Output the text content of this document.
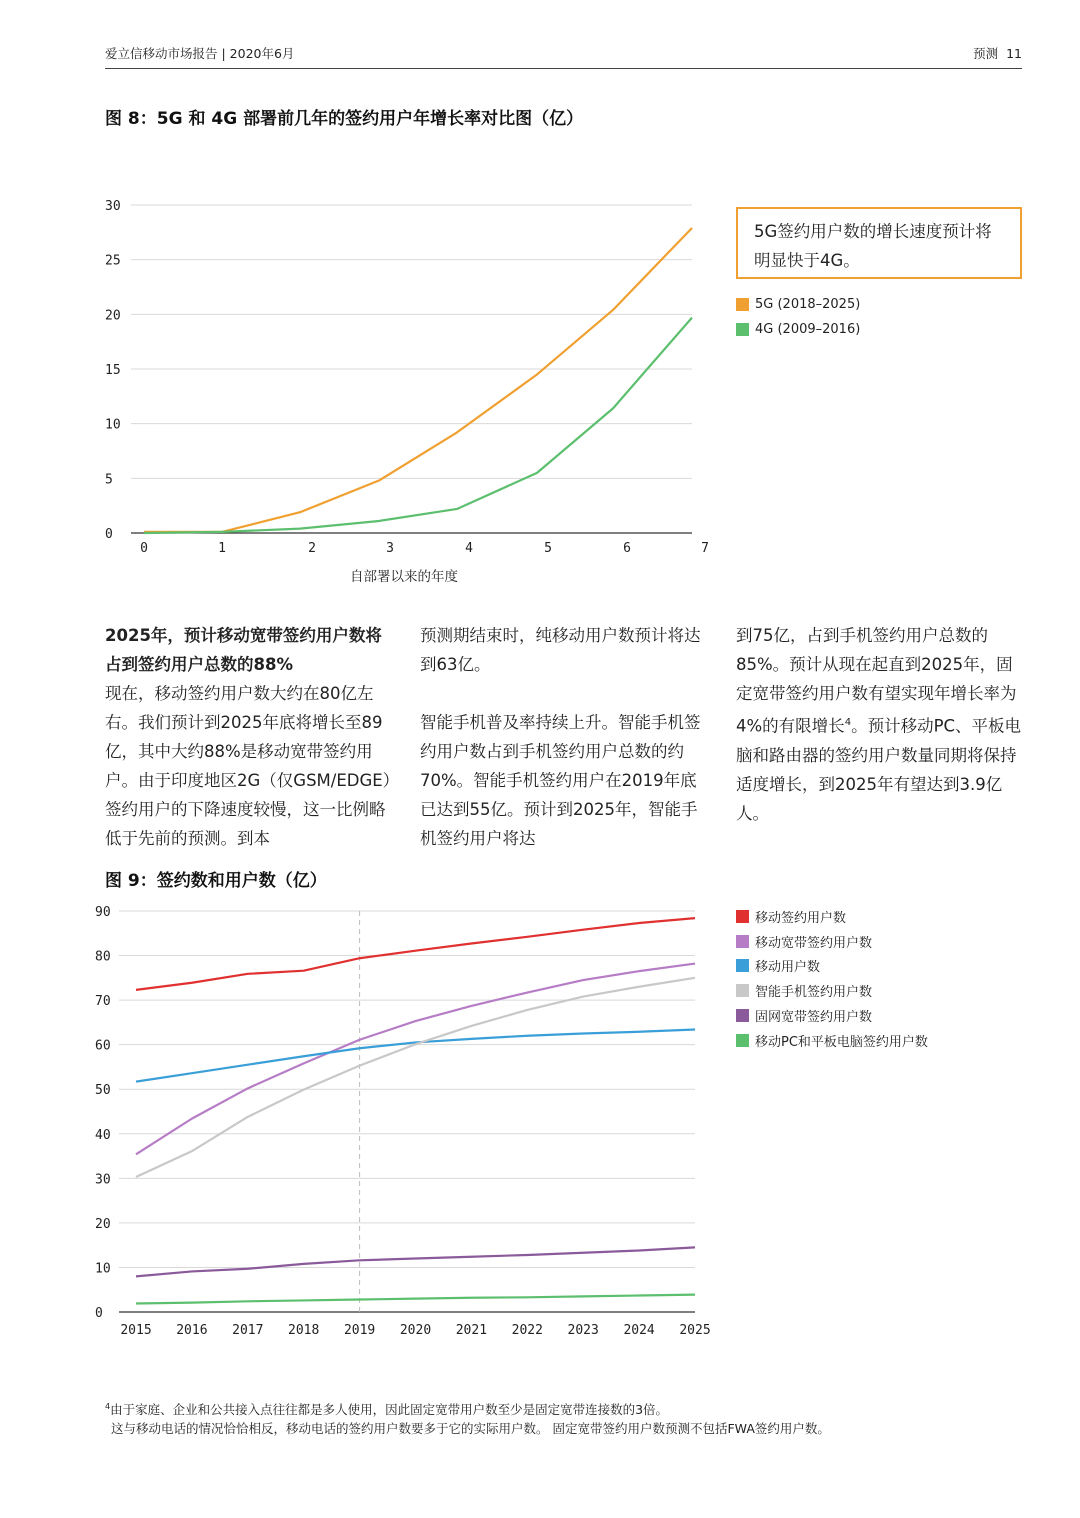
爱立信移动市场报告 | 2020年6月	预测 11
图 8：5G 和 4G 部署前几年的签约用户年增长率对比图（亿）
0
5
10
15
20
25
30
0	1	2	3	4	5	6	7
自部署以来的年度
5G签约用户数的增长速度预计将明显快于4G。
5G (2018–2025)
4G (2009–2016)

2025年，预计移动宽带签约用户数将占到签约用户总数的88%

现在，移动签约用户数大约在80亿左右。我们预计到2025年底将增长至89亿，其中大约88%是移动宽带签约用户。由于印度地区2G（仅GSM/EDGE）签约用户的下降速度较慢，这一比例略低于先前的预测。到本

预测期结束时，纯移动用户数预计将达到63亿。

智能手机普及率持续上升。智能手机签约用户数占到手机签约用户总数的约70%。智能手机签约用户在2019年底已达到55亿。预计到2025年，智能手机签约用户将达

到75亿，占到手机签约用户总数的85%。预计从现在起直到2025年，固定宽带签约用户数有望实现年增长率为4%的有限增长$^4$。预计移动PC、平板电脑和路由器的签约用户数量同期将保持适度增长，到2025年有望达到3.9亿人。

图 9：签约数和用户数（亿）
0
10
20
30
40
50
60
70
80
90
2015 2016 2017 2018 2019 2020 2021 2022 2023 2024 2025
移动签约用户数
移动宽带签约用户数
移动用户数
智能手机签约用户数
固网宽带签约用户数
移动PC和平板电脑签约用户数
$^4$由于家庭、企业和公共接入点往往都是多人使用，因此固定宽带用户数至少是固定宽带连接数的3倍。
这与移动电话的情况恰恰相反，移动电话的签约用户数要多于它的实际用户数。 固定宽带签约用户数预测不包括FWA签约用户数。
